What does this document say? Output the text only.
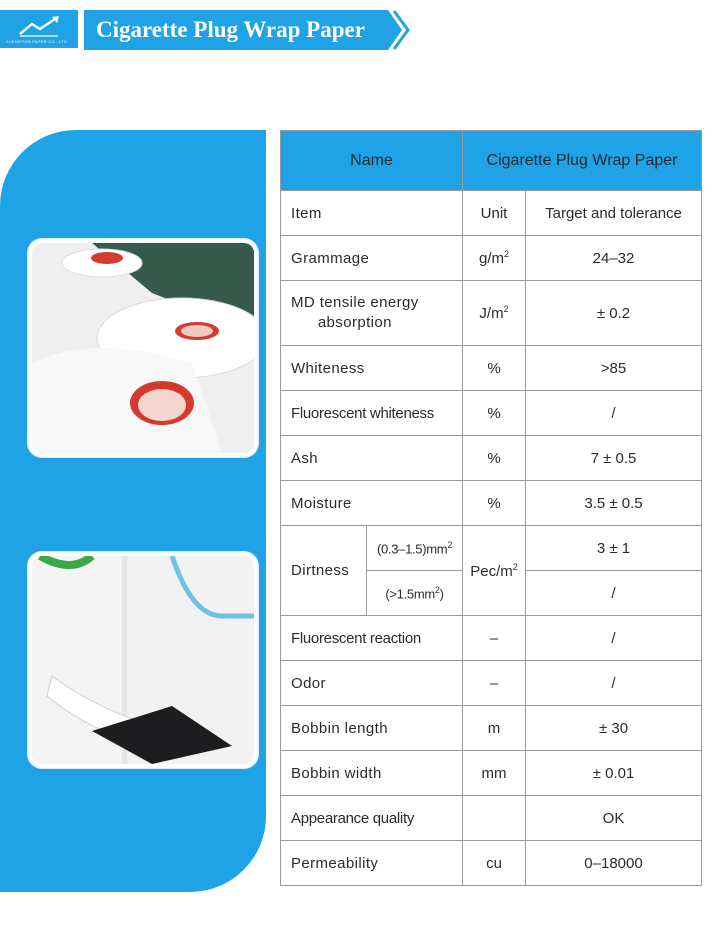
ZHENGYUN PAPER CO., LTD Cigarette Plug Wrap Paper
Name		Cigarette Plug Wrap Paper	
Item		Unit	Target and tolerance
Grammage		$g/m^2$	24–32
MD tensile energy
absorption		$J/m^2$	± 0.2
Whiteness		%	>85
Fluorescent whiteness		%	/
Ash		%	7 ± 0.5
Moisture		%	3.5 ± 0.5
Dirtness	$(0.3-1.5)mm^2$	Pec/$m^2$	3 ± 1
	$(>1.5mm^2)$		/
Fluorescent reaction		–	/
Odor		–	/
Bobbin length		m	± 30
Bobbin width		mm	± 0.01
Appearance quality			OK
Permeability		cu	0–18000
